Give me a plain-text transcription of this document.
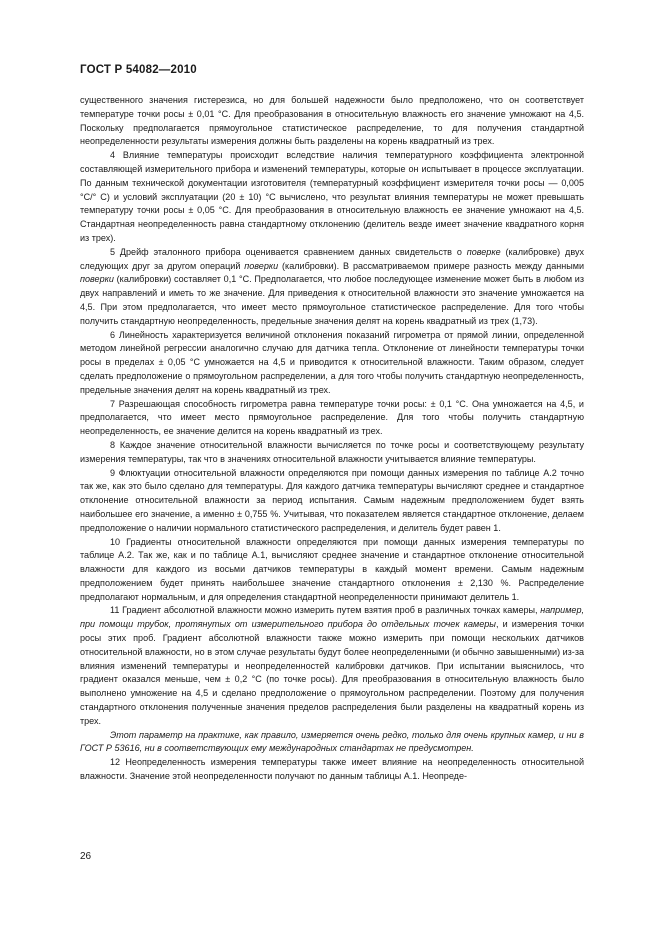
ГОСТ Р 54082—2010

существенного значения гистерезиса, но для большей надежности было предположено, что он соответствует температуре точки росы ± 0,01 °С. Для преобразования в относительную влажность его значение умножают на 4,5. Поскольку предполагается прямоугольное статистическое распределение, то для получения стандартной неопределенности результаты измерения должны быть разделены на корень квадратный из трех.

4 Влияние температуры происходит вследствие наличия температурного коэффициента электронной составляющей измерительного прибора и изменений температуры, которые он испытывает в процессе эксплуатации. По данным технической документации изготовителя (температурный коэффициент измерителя точки росы — 0,005 °С/° С) и условий эксплуатации (20 ± 10) °С вычислено, что результат влияния температуры не может превышать температуру точки росы ± 0,05 °С. Для преобразования в относительную влажность ее значение умножают на 4,5. Стандартная неопределенность равна стандартному отклонению (делитель везде имеет значение квадратного корня из трех).

5 Дрейф эталонного прибора оценивается сравнением данных свидетельств о поверке (калибровке) двух следующих друг за другом операций поверки (калибровки). В рассматриваемом примере разность между данными поверки (калибровки) составляет 0,1 °С. Предполагается, что любое последующее изменение может быть в любом из двух направлений и иметь то же значение. Для приведения к относительной влажности это значение умножается на 4,5. При этом предполагается, что имеет место прямоугольное статистическое распределение. Для того чтобы получить стандартную неопределенность, предельные значения делят на корень квадратный из трех (1,73).

6 Линейность характеризуется величиной отклонения показаний гигрометра от прямой линии, определенной методом линейной регрессии аналогично случаю для датчика тепла. Отклонение от линейности температуры точки росы в пределах ± 0,05 °С умножается на 4,5 и приводится к относительной влажности. Таким образом, следует сделать предположение о прямоугольном распределении, а для того чтобы получить стандартную неопределенность, предельные значения делят на корень квадратный из трех.

7 Разрешающая способность гигрометра равна температуре точки росы: ± 0,1 °С. Она умножается на 4,5, и предполагается, что имеет место прямоугольное распределение. Для того чтобы получить стандартную неопределенность, ее значение делится на корень квадратный из трех.

8 Каждое значение относительной влажности вычисляется по точке росы и соответствующему результату измерения температуры, так что в значениях относительной влажности учитывается влияние температуры.

9 Флюктуации относительной влажности определяются при помощи данных измерения по таблице А.2 точно так же, как это было сделано для температуры. Для каждого датчика температуры вычисляют среднее и стандартное отклонение относительной влажности за период испытания. Самым надежным предположением будет взять наибольшее его значение, а именно ± 0,755 %. Учитывая, что показателем является стандартное отклонение, делаем предположение о наличии нормального статистического распределения, и делитель будет равен 1.

10 Градиенты относительной влажности определяются при помощи данных измерения температуры по таблице А.2. Так же, как и по таблице А.1, вычисляют среднее значение и стандартное отклонение относительной влажности для каждого из восьми датчиков температуры в каждый момент времени. Самым надежным предположением будет принять наибольшее значение стандартного отклонения ± 2,130 %. Распределение предполагают нормальным, и для определения стандартной неопределенности принимают делитель 1.

11 Градиент абсолютной влажности можно измерить путем взятия проб в различных точках камеры, например, при помощи трубок, протянутых от измерительного прибора до отдельных точек камеры, и измерения точки росы этих проб. Градиент абсолютной влажности также можно измерить при помощи нескольких датчиков относительной влажности, но в этом случае результаты будут более неопределенными (и обычно завышенными) из-за влияния изменений температуры и неопределенностей калибровки датчиков. При испытании выяснилось, что градиент оказался меньше, чем ± 0,2 °С (по точке росы). Для преобразования в относительную влажность было выполнено умножение на 4,5 и сделано предположение о прямоугольном распределении. Поэтому для получения стандартного отклонения полученные значения пределов распределения были разделены на квадратный корень из трех.

Этот параметр на практике, как правило, измеряется очень редко, только для очень крупных камер, и ни в ГОСТ Р 53616, ни в соответствующих ему международных стандартах не предусмотрен.

12 Неопределенность измерения температуры также имеет влияние на неопределенность относительной влажности. Значение этой неопределенности получают по данным таблицы А.1. Неопреде-

26
